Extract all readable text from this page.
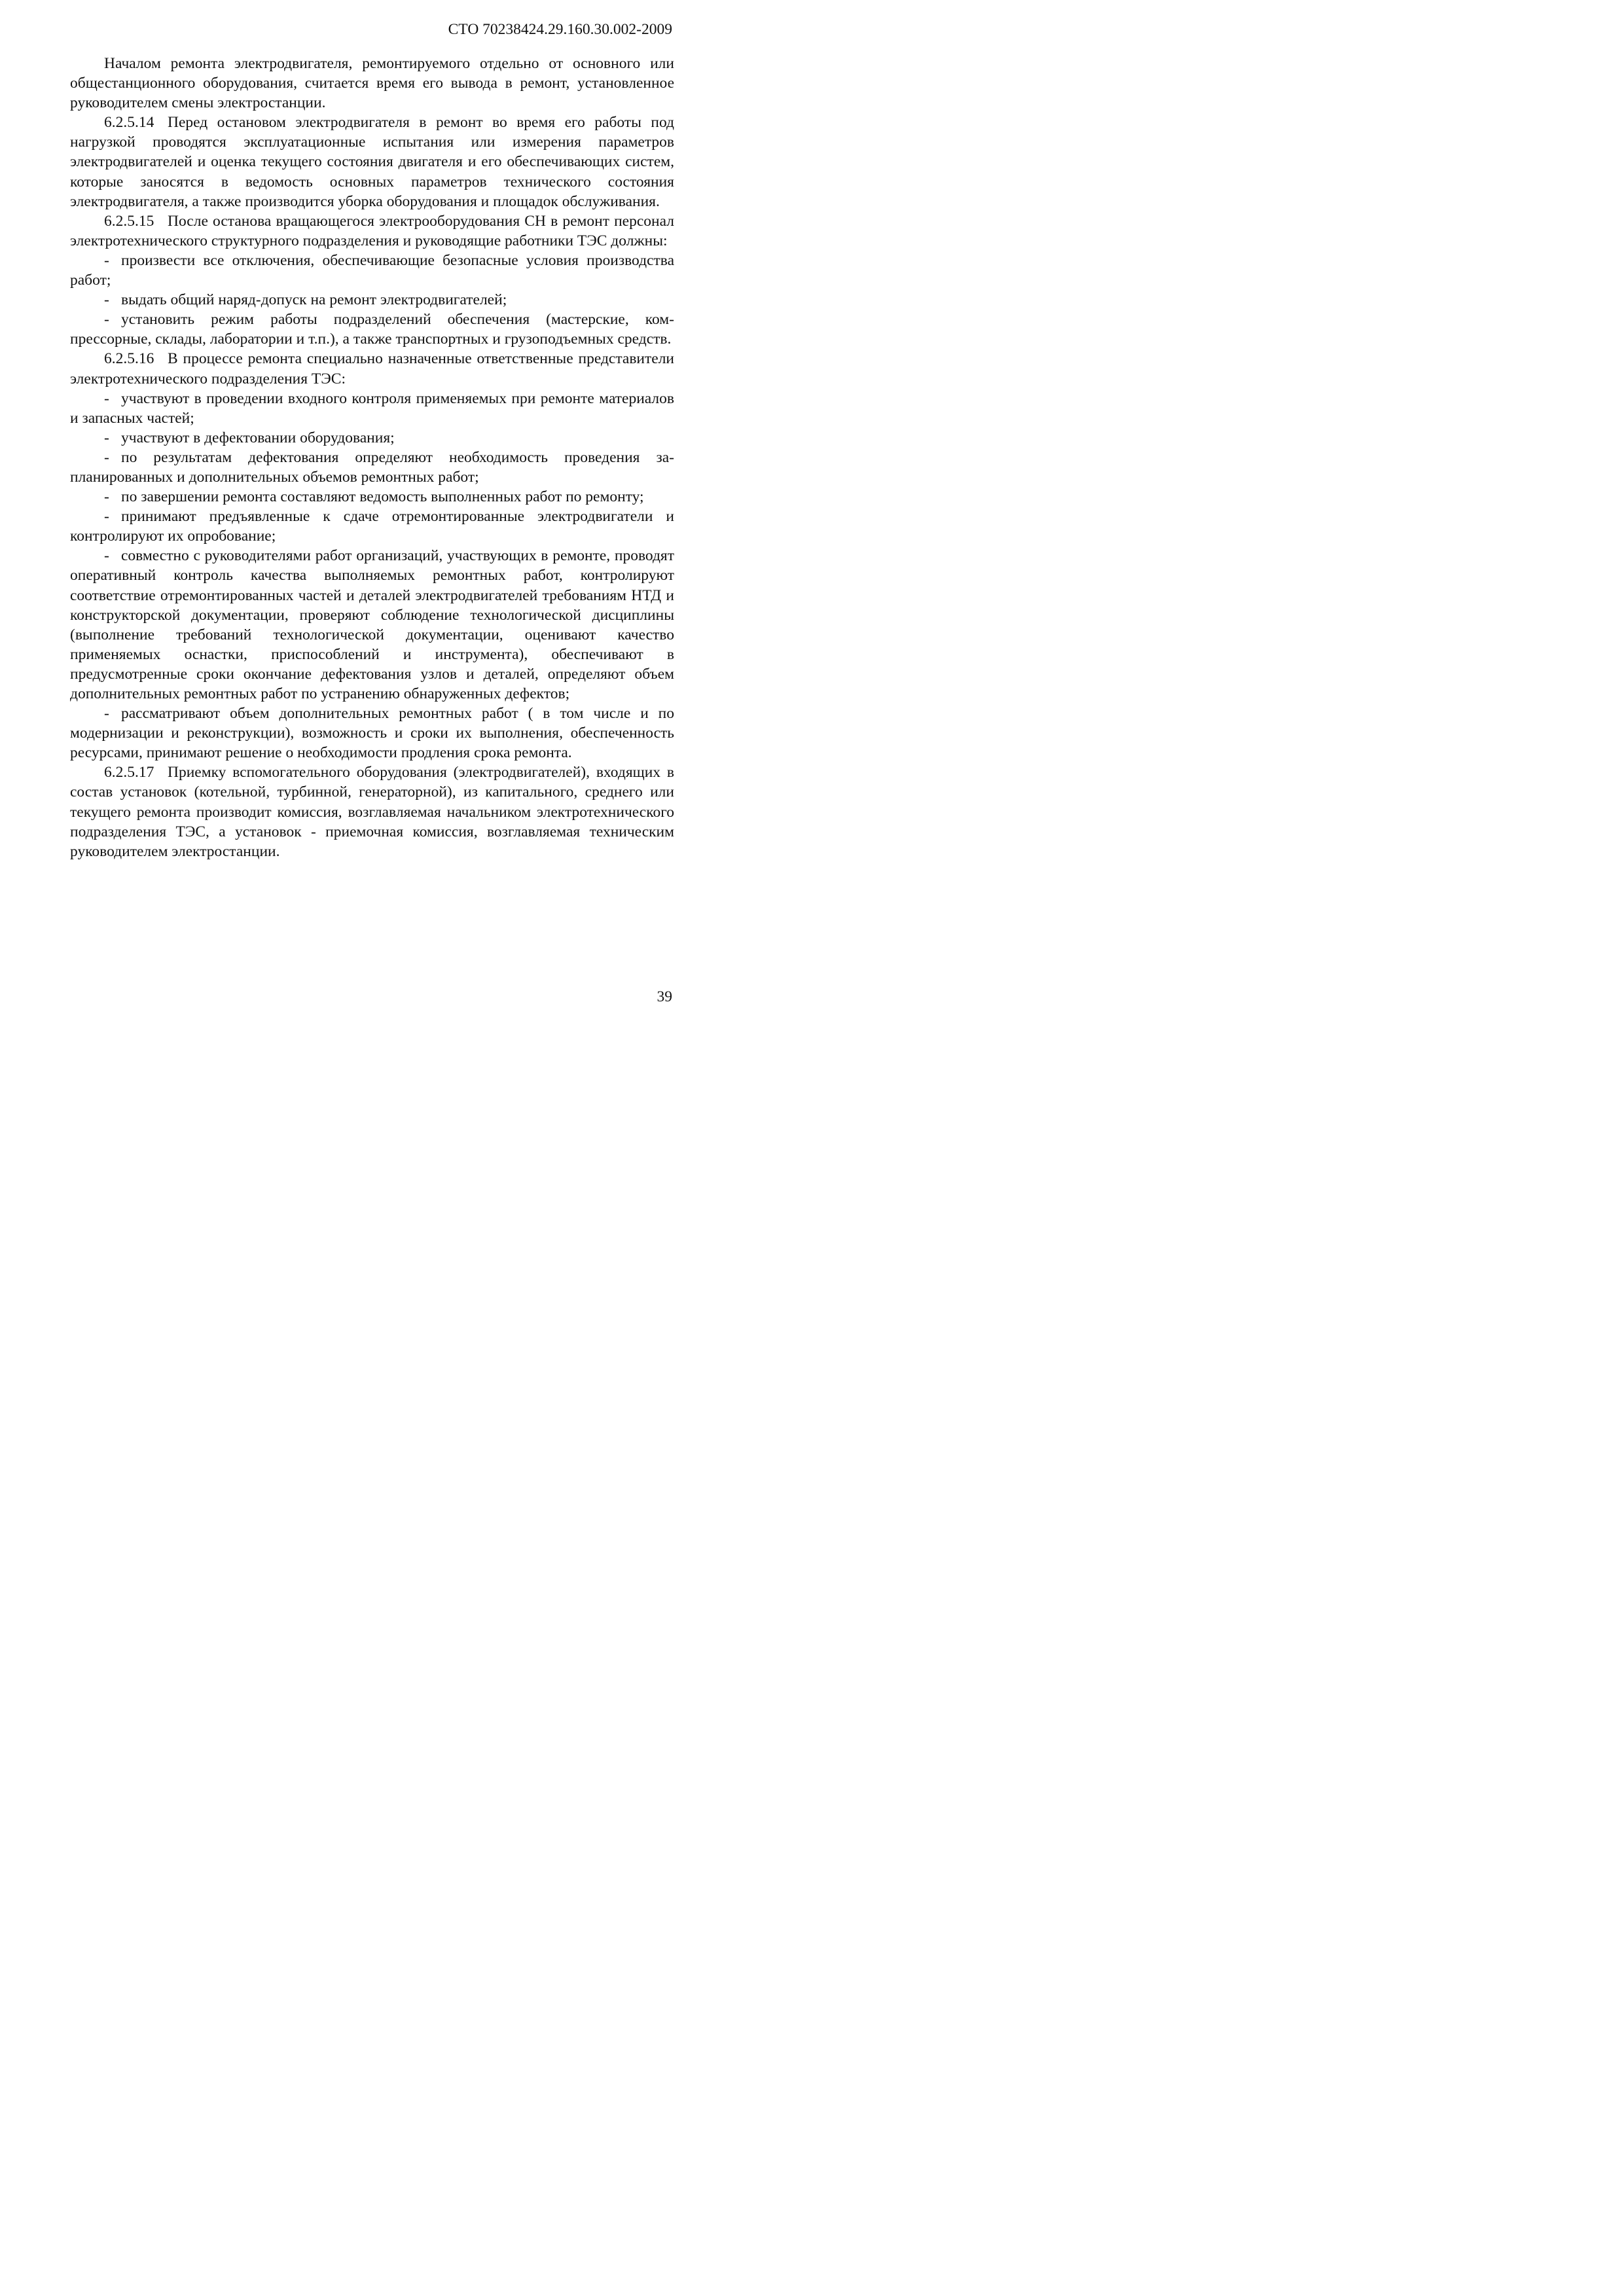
СТО 70238424.29.160.30.002-2009

Началом ремонта электродвигателя, ремонтируемого отдельно от основного или общестанционного оборудования, считается время его вывода в ремонт, установленное руководителем смены электростанции.

6.2.5.14 Перед остановом электродвигателя в ремонт во время его работы под нагрузкой проводятся эксплуатационные испытания или измерения параметров электродвигателей и оценка текущего состояния двигателя и его обеспечивающих систем, которые заносятся в ведомость основных параметров технического состояния электродвигателя, а также производится уборка оборудования и площадок обслуживания.

6.2.5.15 После останова вращающегося электрооборудования СН в ремонт персонал электротехнического структурного подразделения и руководящие работники ТЭС должны:

- произвести все отключения, обеспечивающие безопасные условия производства работ;

- выдать общий наряд-допуск на ремонт электродвигателей;

- установить режим работы подразделений обеспечения (мастерские, компрессорные, склады, лаборатории и т.п.), а также транспортных и грузоподъемных средств.

6.2.5.16 В процессе ремонта специально назначенные ответственные представители электротехнического подразделения ТЭС:

- участвуют в проведении входного контроля применяемых при ремонте материалов и запасных частей;

- участвуют в дефектовании оборудования;

- по результатам дефектования определяют необходимость проведения запланированных и дополнительных объемов ремонтных работ;

- по завершении ремонта составляют ведомость выполненных работ по ремонту;

- принимают предъявленные к сдаче отремонтированные электродвигатели и контролируют их опробование;

- совместно с руководителями работ организаций, участвующих в ремонте, проводят оперативный контроль качества выполняемых ремонтных работ, контролируют соответствие отремонтированных частей и деталей электродвигателей требованиям НТД и конструкторской документации, проверяют соблюдение технологической дисциплины (выполнение требований технологической документации, оценивают качество применяемых оснастки, приспособлений и инструмента), обеспечивают в предусмотренные сроки окончание дефектования узлов и деталей, определяют объем дополнительных ремонтных работ по устранению обнаруженных дефектов;

- рассматривают объем дополнительных ремонтных работ ( в том числе и по модернизации и реконструкции), возможность и сроки их выполнения, обеспеченность ресурсами, принимают решение о необходимости продления срока ремонта.

6.2.5.17 Приемку вспомогательного оборудования (электродвигателей), входящих в состав установок (котельной, турбинной, генераторной), из капитального, среднего или текущего ремонта производит комиссия, возглавляемая начальником электротехнического подразделения ТЭС, а установок - приемочная комиссия, возглавляемая техническим руководителем электростанции.

39
